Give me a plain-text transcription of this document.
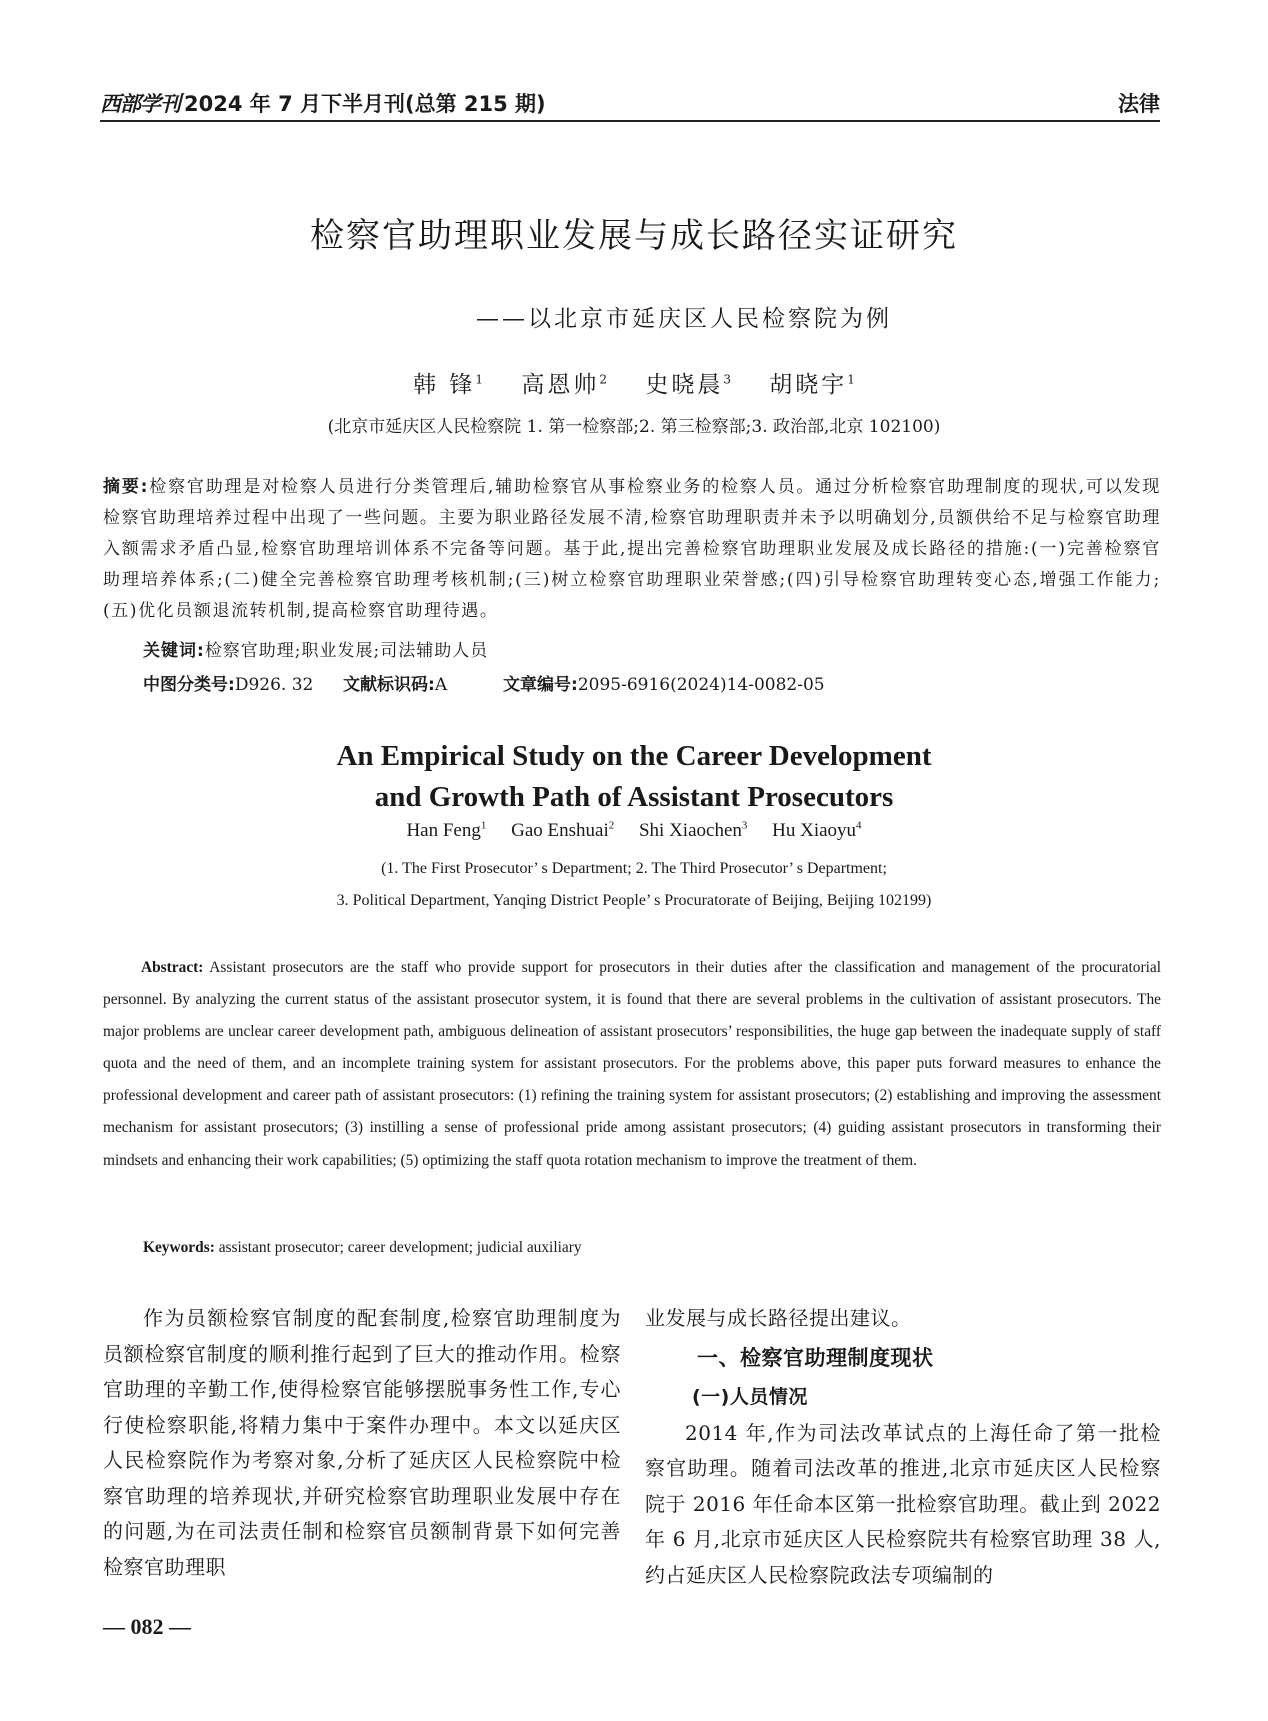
西部学刊 2024 年 7 月下半月刊(总第 215 期)	法律
检察官助理职业发展与成长路径实证研究
——以北京市延庆区人民检察院为例
韩 锋$^1$ 高恩帅$^2$ 史晓晨$^3$ 胡晓宇$^1$
(北京市延庆区人民检察院 1. 第一检察部;2. 第三检察部;3. 政治部,北京 102100)
摘要:检察官助理是对检察人员进行分类管理后,辅助检察官从事检察业务的检察人员。通过分析检察官助理制度的现状,可以发现检察官助理培养过程中出现了一些问题。主要为职业路径发展不清,检察官助理职责并未予以明确划分,员额供给不足与检察官助理入额需求矛盾凸显,检察官助理培训体系不完备等问题。基于此,提出完善检察官助理职业发展及成长路径的措施:(一)完善检察官助理培养体系;(二)健全完善检察官助理考核机制;(三)树立检察官助理职业荣誉感;(四)引导检察官助理转变心态,增强工作能力;(五)优化员额退流转机制,提高检察官助理待遇。
关键词:检察官助理;职业发展;司法辅助人员
中图分类号:D926. 32 文献标识码:A	文章编号:2095-6916(2024)14-0082-05
An Empirical Study on the Career Development
and Growth Path of Assistant Prosecutors
Han Feng$^1$ Gao Enshuai$^2$ Shi Xiaochen$^3$ Hu Xiaoyu$^4$
(1. The First Prosecutor’ s Department; 2. The Third Prosecutor’ s Department;
3. Political Department, Yanqing District People’ s Procuratorate of Beijing, Beijing 102199)
Abstract: Assistant prosecutors are the staff who provide support for prosecutors in their duties after the classification and management of the procuratorial personnel. By analyzing the current status of the assistant prosecutor system, it is found that there are several problems in the cultivation of assistant prosecutors. The major problems are unclear career development path, ambiguous delineation of assistant prosecutors’ responsibilities, the huge gap between the inadequate supply of staff quota and the need of them, and an incomplete training system for assistant prosecutors. For the problems above, this paper puts forward measures to enhance the professional development and career path of assistant prosecutors: (1) refining the training system for assistant prosecutors; (2) establishing and improving the assessment mechanism for assistant prosecutors; (3) instilling a sense of professional pride among assistant prosecutors; (4) guiding assistant prosecutors in transforming their mindsets and enhancing their work capabilities; (5) optimizing the staff quota rotation mechanism to improve the treatment of them.
Keywords: assistant prosecutor; career development; judicial auxiliary

作为员额检察官制度的配套制度,检察官助理制度为员额检察官制度的顺利推行起到了巨大的推动作用。检察官助理的辛勤工作,使得检察官能够摆脱事务性工作,专心行使检察职能,将精力集中于案件办理中。本文以延庆区人民检察院作为考察对象,分析了延庆区人民检察院中检察官助理的培养现状,并研究检察官助理职业发展中存在的问题,为在司法责任制和检察官员额制背景下如何完善检察官助理职

业发展与成长路径提出建议。

一、检察官助理制度现状
(一)人员情况

2014 年,作为司法改革试点的上海任命了第一批检察官助理。随着司法改革的推进,北京市延庆区人民检察院于 2016 年任命本区第一批检察官助理。截止到 2022 年 6 月,北京市延庆区人民检察院共有检察官助理 38 人,约占延庆区人民检察院政法专项编制的

— 082 —
